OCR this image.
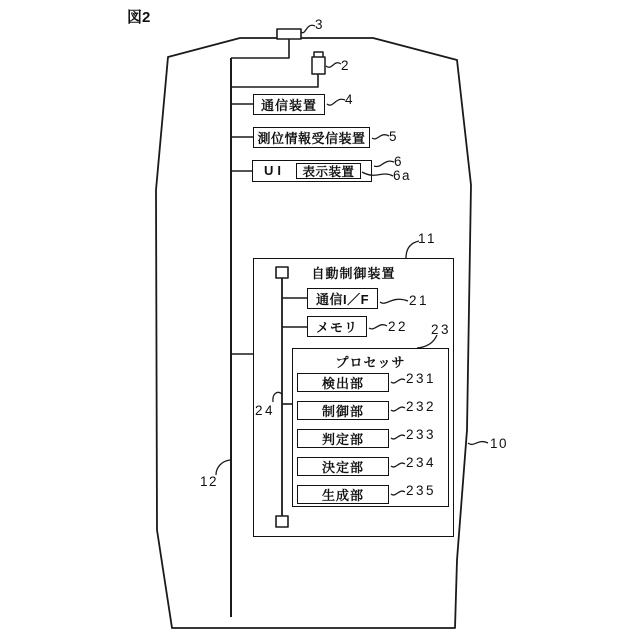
図2
通信装置
測位情報受信装置
UI 表示装置
自動制御装置
通信I／F
メモリ
プロセッサ
検出部
制御部
判定部
決定部
生成部
3
2
4
5
6
6a
11
21
22 23
231
232
233
234
235
24
12
10
